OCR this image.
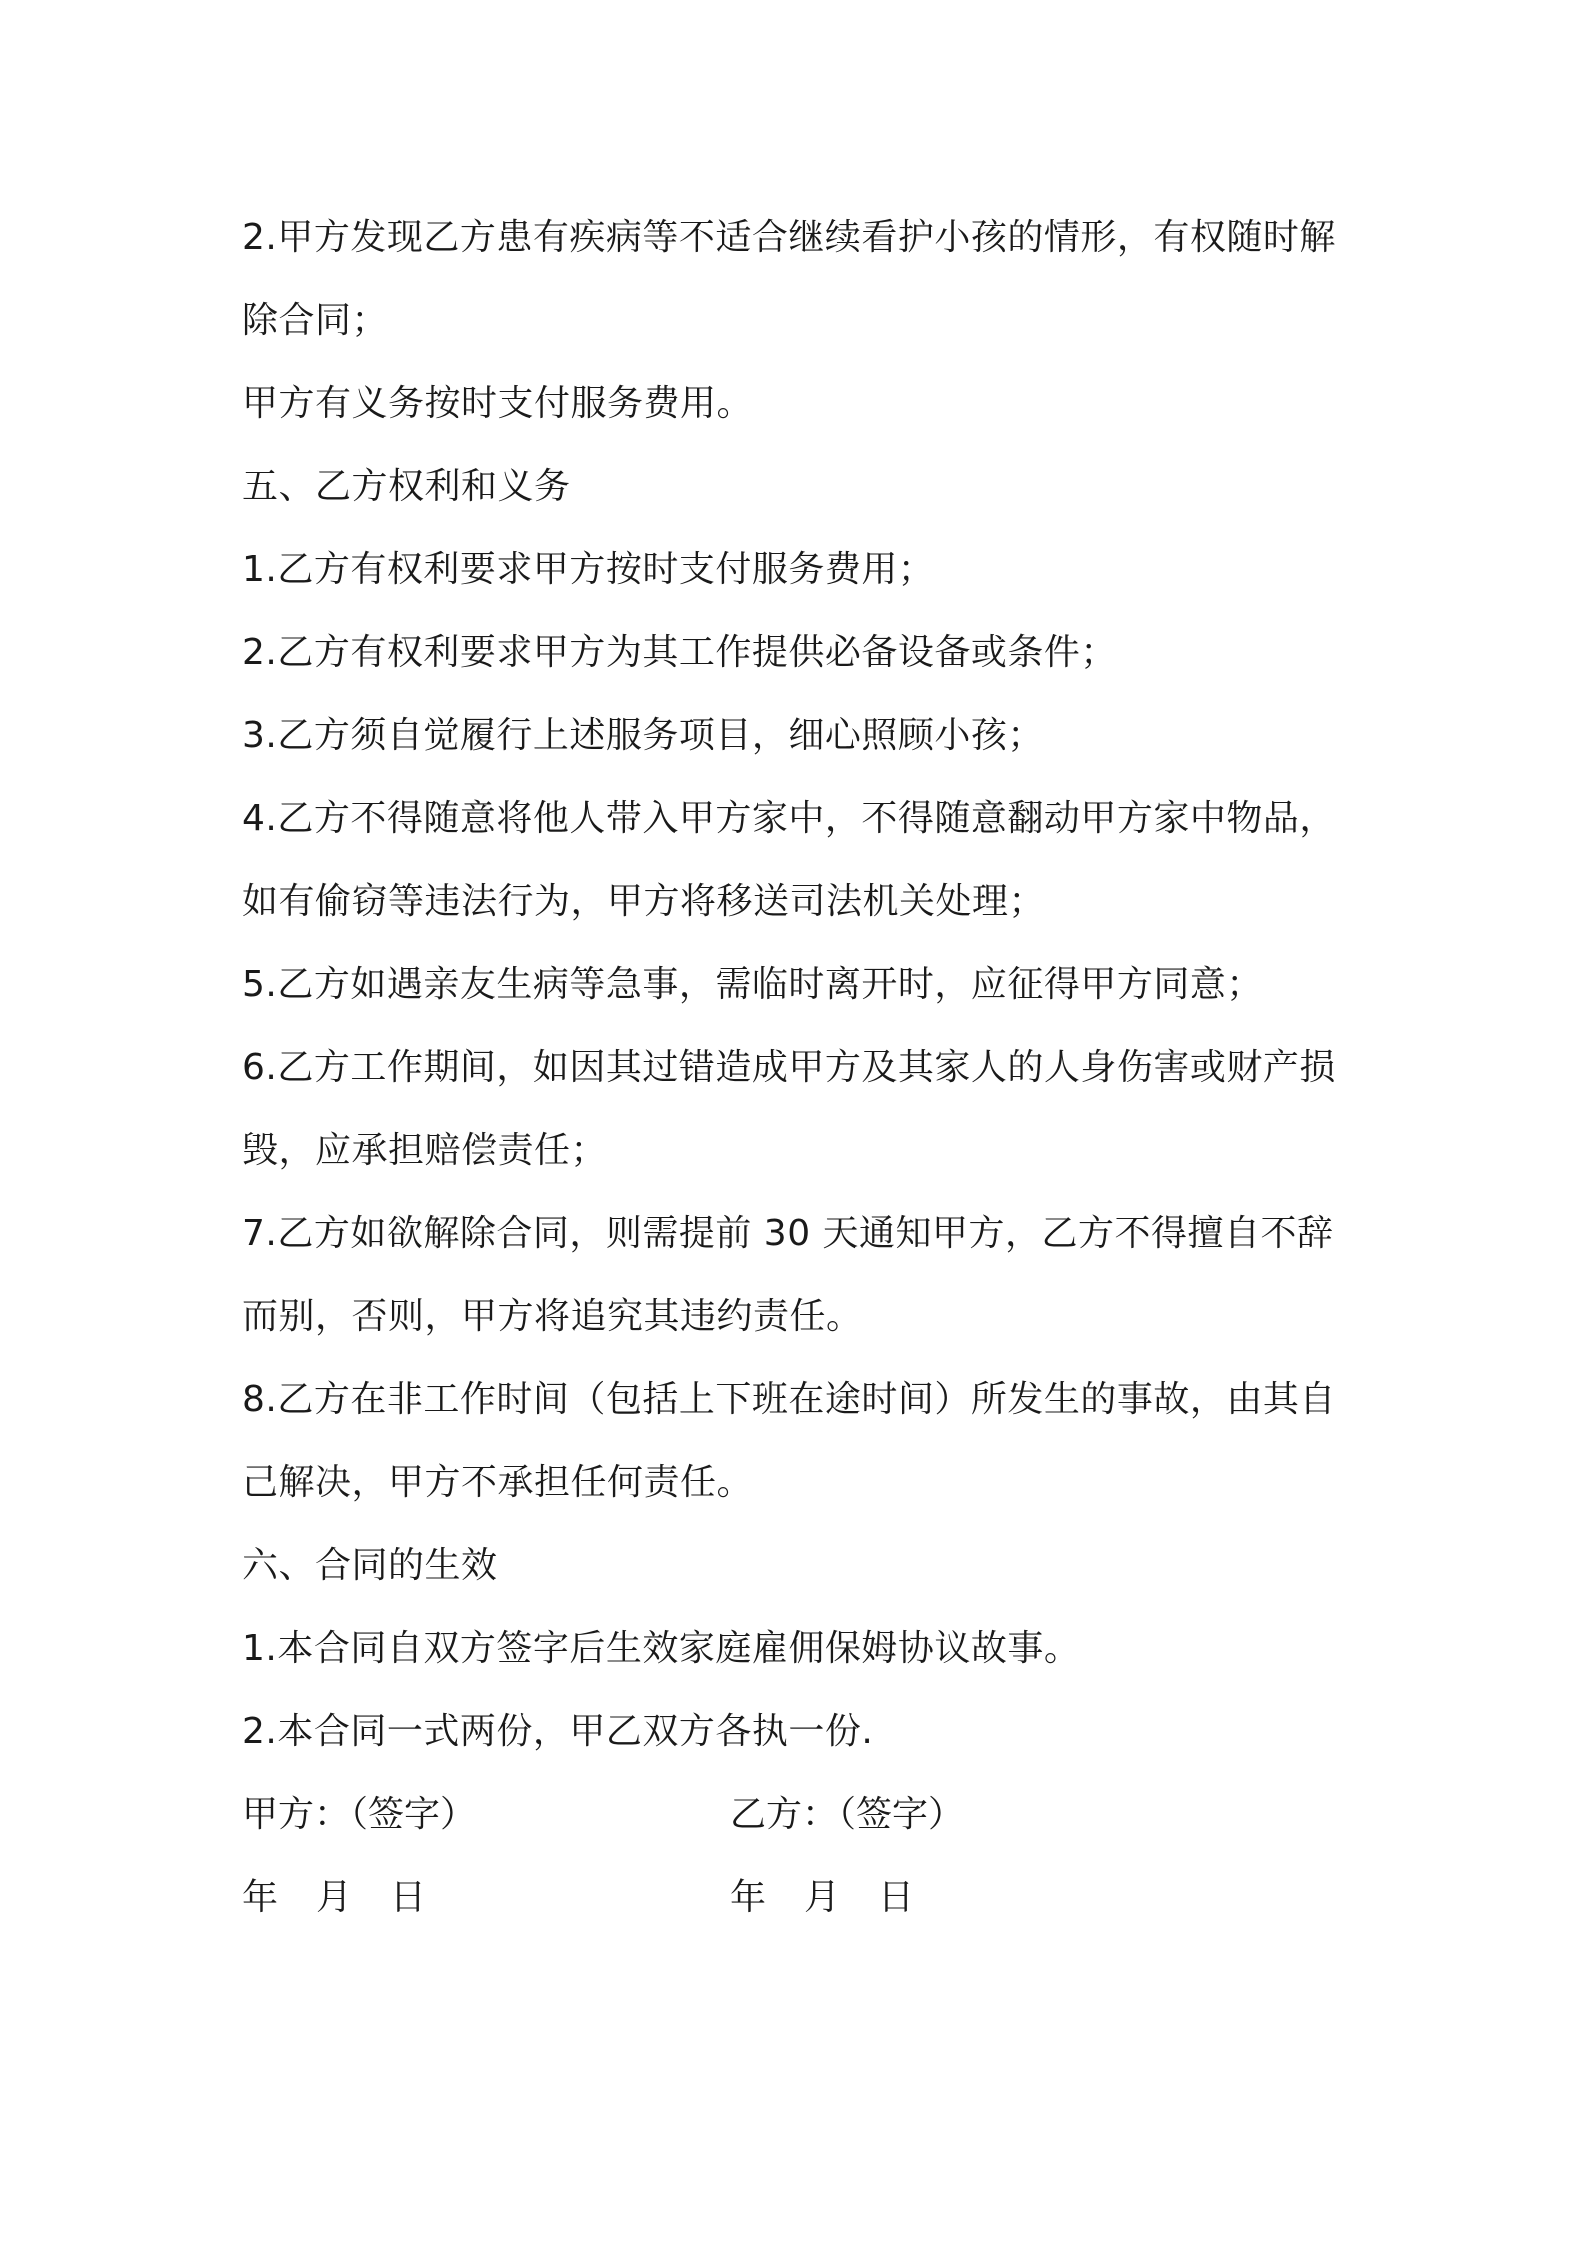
2.甲方发现乙方患有疾病等不适合继续看护小孩的情形，有权随时解
除合同；
甲方有义务按时支付服务费用。
五、乙方权利和义务
1.乙方有权利要求甲方按时支付服务费用；
2.乙方有权利要求甲方为其工作提供必备设备或条件；
3.乙方须自觉履行上述服务项目，细心照顾小孩；
4.乙方不得随意将他人带入甲方家中，不得随意翻动甲方家中物品，
如有偷窃等违法行为，甲方将移送司法机关处理；
5.乙方如遇亲友生病等急事，需临时离开时，应征得甲方同意；
6.乙方工作期间，如因其过错造成甲方及其家人的人身伤害或财产损
毁，应承担赔偿责任；
7.乙方如欲解除合同，则需提前 30 天通知甲方，乙方不得擅自不辞
而别，否则，甲方将追究其违约责任。
8.乙方在非工作时间（包括上下班在途时间）所发生的事故，由其自
己解决，甲方不承担任何责任。
六、合同的生效
1.本合同自双方签字后生效家庭雇佣保姆协议故事。
2.本合同一式两份，甲乙双方各执一份.
甲方：（签字）	乙方：（签字）
年 月 日	年 月 日
